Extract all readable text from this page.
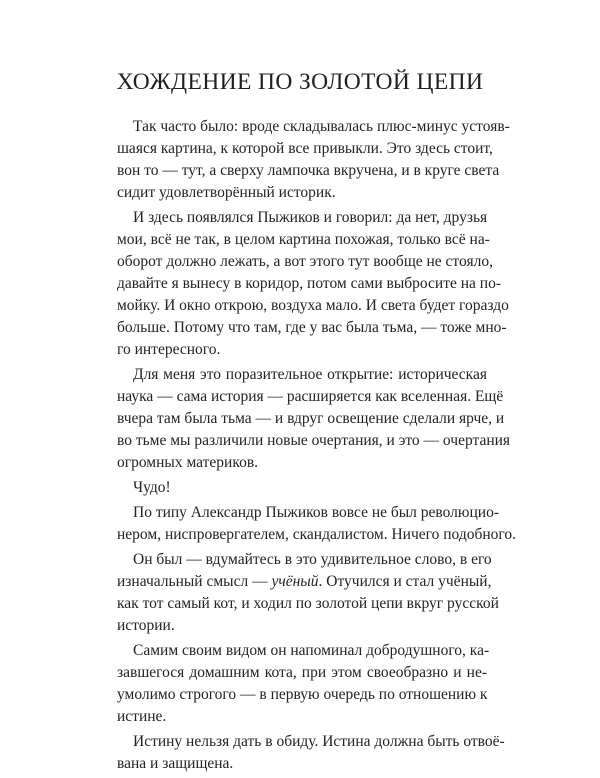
ХОЖДЕНИЕ ПО ЗОЛОТОЙ ЦЕПИ
Так часто было: вроде складывалась плюс-минус устояв-
шаяся картина, к которой все привыкли. Это здесь стоит,
вон то — тут, а сверху лампочка вкручена, и в круге света
сидит удовлетворённый историк.
И здесь появлялся Пыжиков и говорил: да нет, друзья
мои, всё не так, в целом картина похожая, только всё на-
оборот должно лежать, а вот этого тут вообще не стояло,
давайте я вынесу в коридор, потом сами выбросите на по-
мойку. И окно открою, воздуха мало. И света будет гораздо
больше. Потому что там, где у вас была тьма, — тоже мно-
го интересного.
Для меня это поразительное открытие: историческая
наука — сама история — расширяется как вселенная. Ещё
вчера там была тьма — и вдруг освещение сделали ярче, и
во тьме мы различили новые очертания, и это — очертания
огромных материков.
Чудо!
По типу Александр Пыжиков вовсе не был революцио-
нером, ниспровергателем, скандалистом. Ничего подобного.
Он был — вдумайтесь в это удивительное слово, в его
изначальный смысл — учёный. Отучился и стал учёный,
как тот самый кот, и ходил по золотой цепи вкруг русской
истории.
Самим своим видом он напоминал добродушного, ка-
завшегося домашним кота, при этом своеобразно и не-
умолимо строгого — в первую очередь по отношению к
истине.
Истину нельзя дать в обиду. Истина должна быть отвоё-
вана и защищена.
